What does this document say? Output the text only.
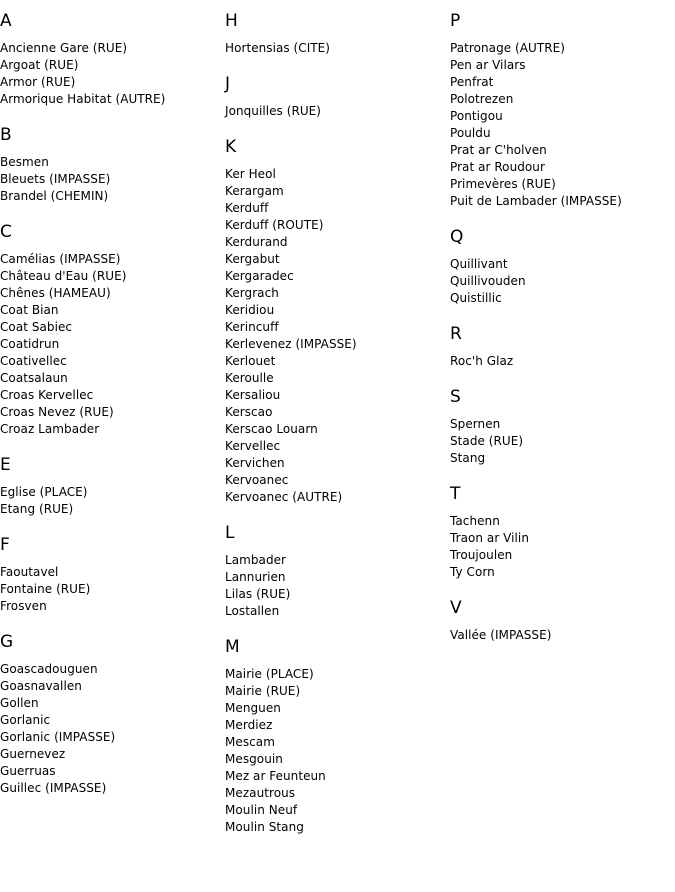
A
Ancienne Gare (RUE)
Argoat (RUE)
Armor (RUE)
Armorique Habitat (AUTRE)
B
Besmen
Bleuets (IMPASSE)
Brandel (CHEMIN)
C
Camélias (IMPASSE)
Château d'Eau (RUE)
Chênes (HAMEAU)
Coat Bian
Coat Sabiec
Coatidrun
Coativellec
Coatsalaun
Croas Kervellec
Croas Nevez (RUE)
Croaz Lambader
E
Eglise (PLACE)
Etang (RUE)
F
Faoutavel
Fontaine (RUE)
Frosven
G
Goascadouguen
Goasnavallen
Gollen
Gorlanic
Gorlanic (IMPASSE)
Guernevez
Guerruas
Guillec (IMPASSE)
H
Hortensias (CITE)
J
Jonquilles (RUE)
K
Ker Heol
Kerargam
Kerduff
Kerduff (ROUTE)
Kerdurand
Kergabut
Kergaradec
Kergrach
Keridiou
Kerincuff
Kerlevenez (IMPASSE)
Kerlouet
Keroulle
Kersaliou
Kerscao
Kerscao Louarn
Kervellec
Kervichen
Kervoanec
Kervoanec (AUTRE)
L
Lambader
Lannurien
Lilas (RUE)
Lostallen
M
Mairie (PLACE)
Mairie (RUE)
Menguen
Merdiez
Mescam
Mesgouin
Mez ar Feunteun
Mezautrous
Moulin Neuf
Moulin Stang
P
Patronage (AUTRE)
Pen ar Vilars
Penfrat
Polotrezen
Pontigou
Pouldu
Prat ar C'holven
Prat ar Roudour
Primevères (RUE)
Puit de Lambader (IMPASSE)
Q
Quillivant
Quillivouden
Quistillic
R
Roc'h Glaz
S
Spernen
Stade (RUE)
Stang
T
Tachenn
Traon ar Vilin
Troujoulen
Ty Corn
V
Vallée (IMPASSE)
